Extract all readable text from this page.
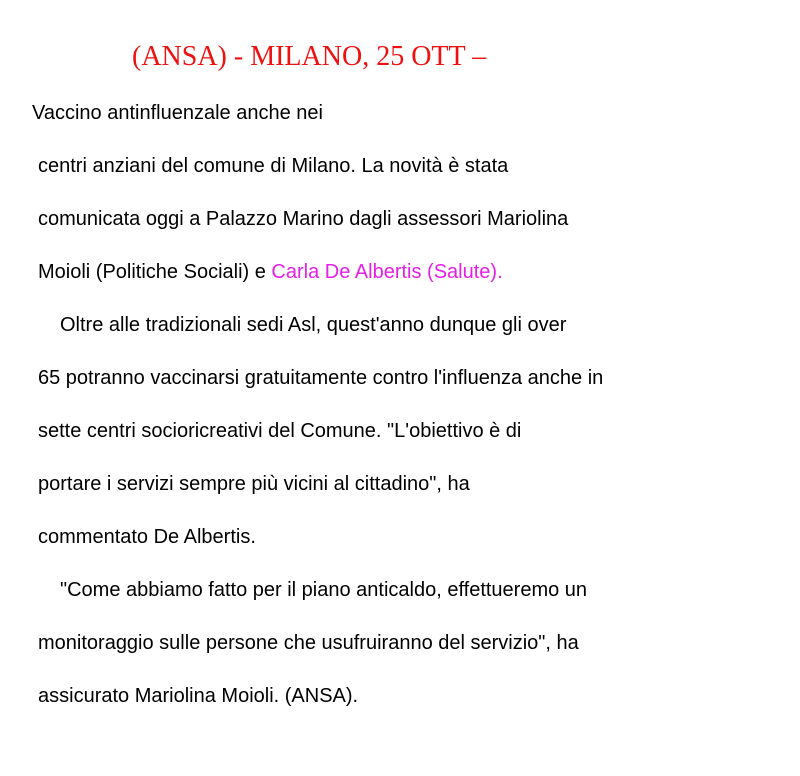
(ANSA) - MILANO, 25 OTT –

Vaccino antinfluenzale anche nei

centri anziani del comune di Milano. La novità è stata

comunicata oggi a Palazzo Marino dagli assessori Mariolina

Moioli (Politiche Sociali) e Carla De Albertis (Salute).

Oltre alle tradizionali sedi Asl, quest'anno dunque gli over

65 potranno vaccinarsi gratuitamente contro l'influenza anche in

sette centri socioricreativi del Comune. "L'obiettivo è di

portare i servizi sempre più vicini al cittadino", ha

commentato De Albertis.

"Come abbiamo fatto per il piano anticaldo, effettueremo un

monitoraggio sulle persone che usufruiranno del servizio", ha

assicurato Mariolina Moioli. (ANSA).
